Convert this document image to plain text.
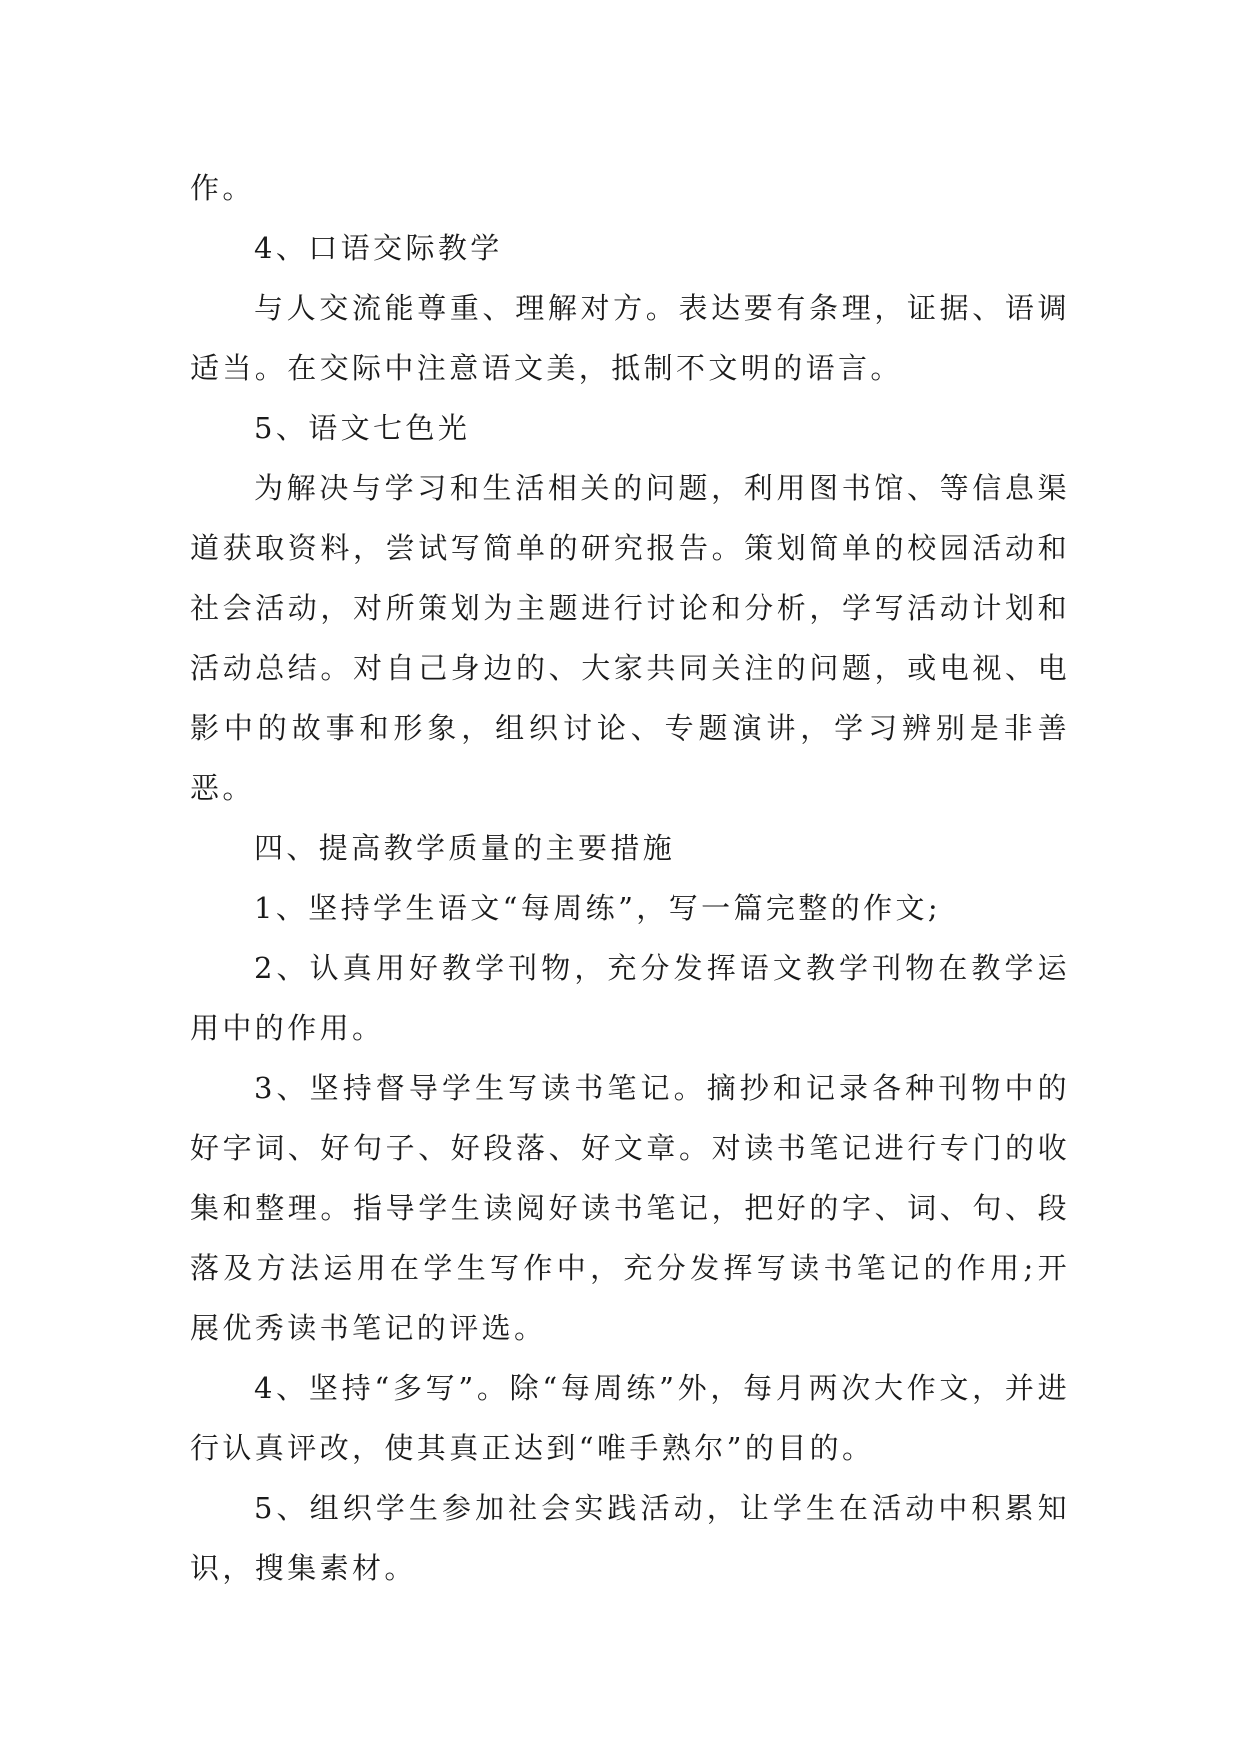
作。

4、口语交际教学

与人交流能尊重、理解对方。表达要有条理，证据、语调适当。在交际中注意语文美，抵制不文明的语言。

5、语文七色光

为解决与学习和生活相关的问题，利用图书馆、等信息渠道获取资料，尝试写简单的研究报告。策划简单的校园活动和社会活动，对所策划为主题进行讨论和分析，学写活动计划和活动总结。对自己身边的、大家共同关注的问题，或电视、电影中的故事和形象，组织讨论、专题演讲，学习辨别是非善恶。

四、提高教学质量的主要措施

1、坚持学生语文“每周练”，写一篇完整的作文;

2、认真用好教学刊物，充分发挥语文教学刊物在教学运用中的作用。

3、坚持督导学生写读书笔记。摘抄和记录各种刊物中的好字词、好句子、好段落、好文章。对读书笔记进行专门的收集和整理。指导学生读阅好读书笔记，把好的字、词、句、段落及方法运用在学生写作中，充分发挥写读书笔记的作用;开展优秀读书笔记的评选。

4、坚持“多写”。除“每周练”外，每月两次大作文，并进行认真评改，使其真正达到“唯手熟尔”的目的。

5、组织学生参加社会实践活动，让学生在活动中积累知识，搜集素材。
